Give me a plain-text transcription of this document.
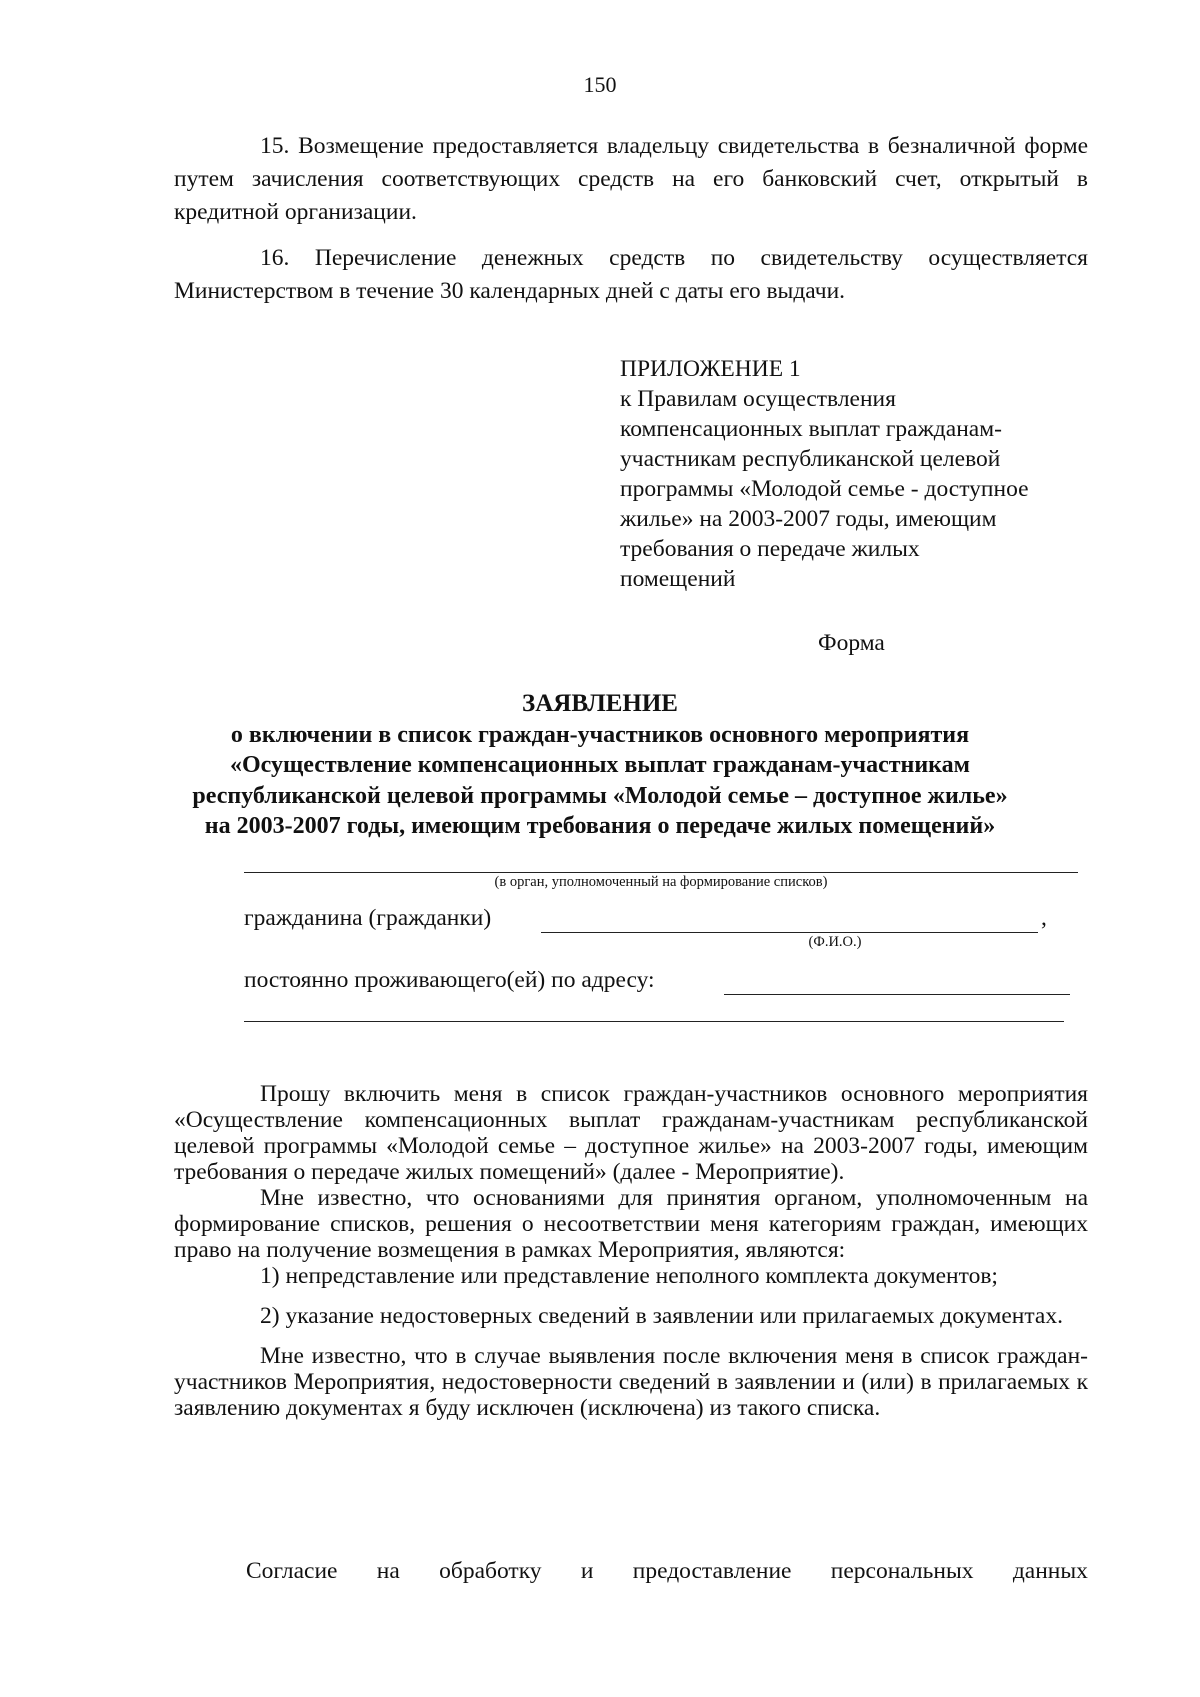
150

15. Возмещение предоставляется владельцу свидетельства в безналичной форме путем зачисления соответствующих средств на его банковский счет, открытый в кредитной организации.

16. Перечисление денежных средств по свидетельству осуществляется Министерством в течение 30 календарных дней с даты его выдачи.

ПРИЛОЖЕНИЕ 1

к Правилам осуществления
компенсационных выплат гражданам-
участникам республиканской целевой
программы «Молодой семье - доступное
жилье» на 2003-2007 годы, имеющим
требования о передаче жилых
помещений

Форма

ЗАЯВЛЕНИЕ

о включении в список граждан-участников основного мероприятия

«Осуществление компенсационных выплат гражданам-участникам

республиканской целевой программы «Молодой семье – доступное жилье»

на 2003-2007 годы, имеющим требования о передаче жилых помещений»

(в орган, уполномоченный на формирование списков)
гражданина (гражданки)	,
(Ф.И.О.)
постоянно проживающего(ей) по адресу:

Прошу включить меня в список граждан-участников основного мероприятия «Осуществление компенсационных выплат гражданам-участникам республиканской целевой программы «Молодой семье – доступное жилье» на 2003-2007 годы, имеющим требования о передаче жилых помещений» (далее - Мероприятие).

Мне известно, что основаниями для принятия органом, уполномоченным на формирование списков, решения о несоответствии меня категориям граждан, имеющих право на получение возмещения в рамках Мероприятия, являются:

1) непредставление или представление неполного комплекта документов;

2) указание недостоверных сведений в заявлении или прилагаемых документах.

Мне известно, что в случае выявления после включения меня в список граждан-участников Мероприятия, недостоверности сведений в заявлении и (или) в прилагаемых к заявлению документах я буду исключен (исключена) из такого списка.

Согласие на обработку и предоставление персональных данных
